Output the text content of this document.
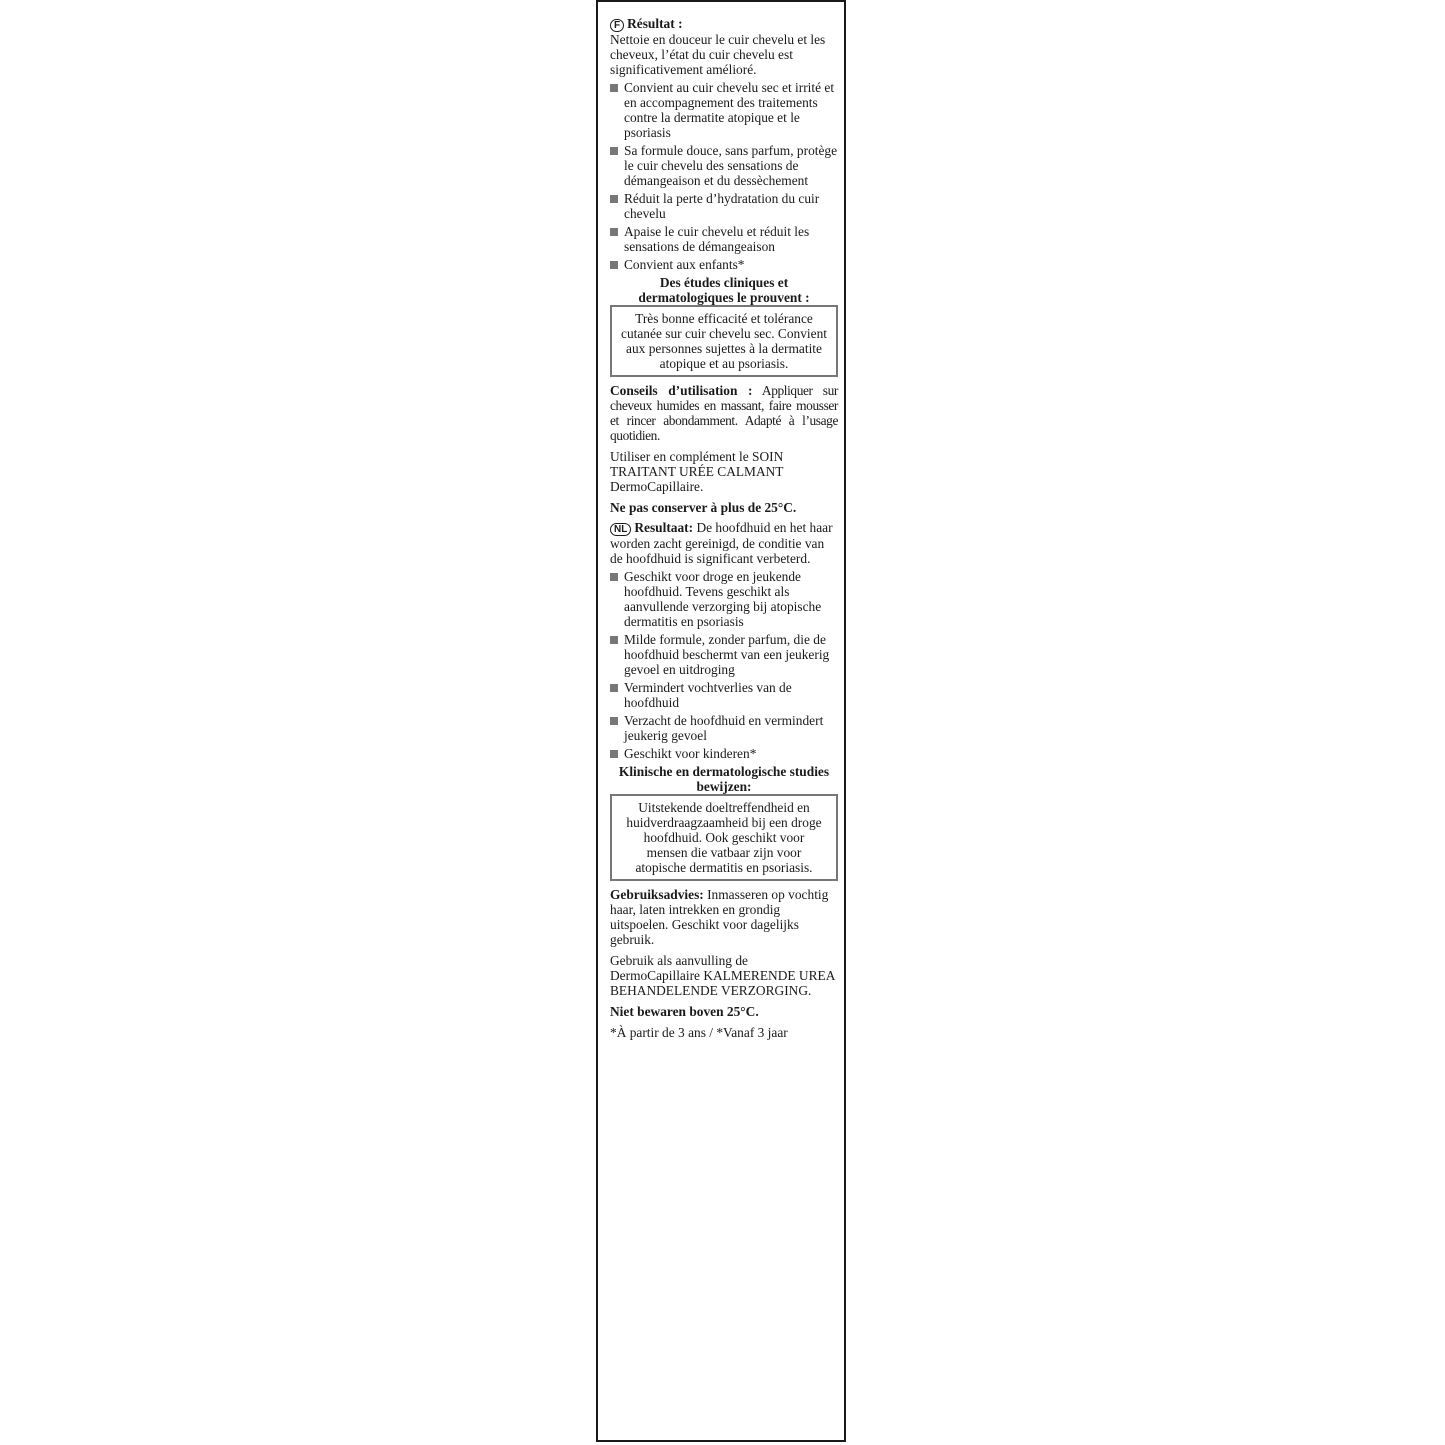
F Résultat :
Nettoie en douceur le cuir chevelu et les cheveux, l’état du cuir chevelu est significativement amélioré.

Convient au cuir chevelu sec et irrité et en accompagnement des traitements contre la dermatite atopique et le psoriasis
Sa formule douce, sans parfum, protège le cuir chevelu des sensations de démangeaison et du dessèchement
Réduit la perte d’hydratation du cuir chevelu
Apaise le cuir chevelu et réduit les sensations de démangeaison
Convient aux enfants*
Des études cliniques et dermatologiques le prouvent :
Très bonne efficacité et tolérance cutanée sur cuir chevelu sec. Convient aux personnes sujettes à la dermatite atopique et au psoriasis.

Conseils d’utilisation : Appliquer sur cheveux humides en massant, faire mousser et rincer abondamment. Adapté à l’usage quotidien.

Utiliser en complément le SOIN TRAITANT URÉE CALMANT DermoCapillaire.

Ne pas conserver à plus de 25°C.

NL Resultaat: De hoofdhuid en het haar worden zacht gereinigd, de conditie van de hoofdhuid is significant verbeterd.

Geschikt voor droge en jeukende hoofdhuid. Tevens geschikt als aanvullende verzorging bij atopische dermatitis en psoriasis
Milde formule, zonder parfum, die de hoofdhuid beschermt van een jeukerig gevoel en uitdroging
Vermindert vochtverlies van de hoofdhuid
Verzacht de hoofdhuid en vermindert jeukerig gevoel
Geschikt voor kinderen*
Klinische en dermatologische studies bewijzen:
Uitstekende doeltreffendheid en huidverdraagzaamheid bij een droge hoofdhuid. Ook geschikt voor mensen die vatbaar zijn voor atopische dermatitis en psoriasis.

Gebruiksadvies: Inmasseren op vochtig haar, laten intrekken en grondig uitspoelen. Geschikt voor dagelijks gebruik.

Gebruik als aanvulling de DermoCapillaire KALMERENDE UREA BEHANDELENDE VERZORGING.

Niet bewaren boven 25°C.

*À partir de 3 ans / *Vanaf 3 jaar
